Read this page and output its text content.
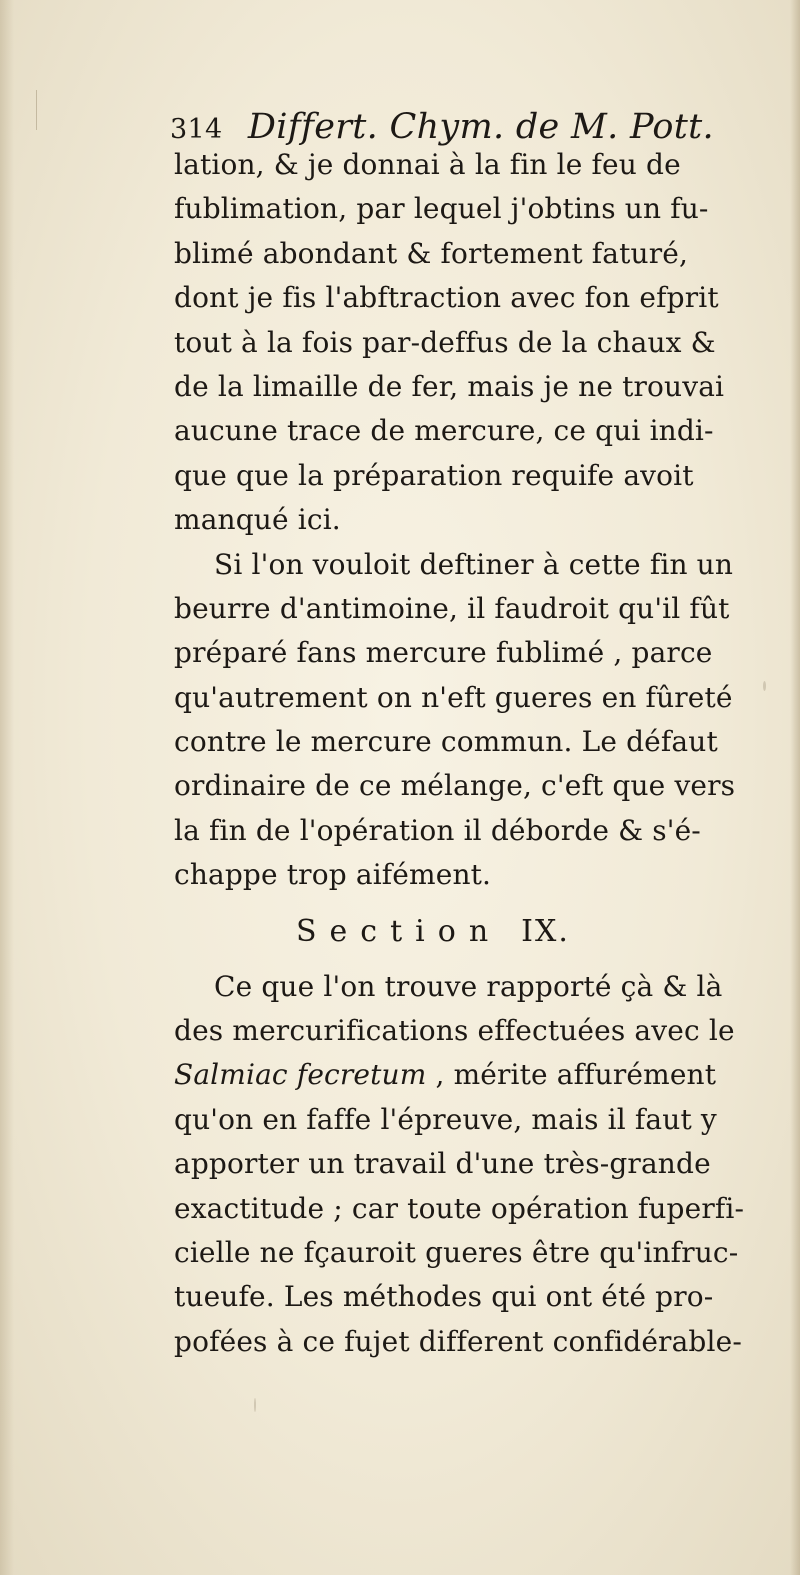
314 Differt. Chym. de M. Pott.
lation, & je donnai à la fin le feu de
fublimation, par lequel j'obtins un fu-
blimé abondant & fortement faturé,
dont je fis l'abftraction avec fon efprit
tout à la fois par-deffus de la chaux &
de la limaille de fer, mais je ne trouvai
aucune trace de mercure, ce qui indi-
que que la préparation requife avoit
manqué ici.
Si l'on vouloit deftiner à cette fin un
beurre d'antimoine, il faudroit qu'il fût
préparé fans mercure fublimé , parce
qu'autrement on n'eft gueres en fûreté
contre le mercure commun. Le défaut
ordinaire de ce mélange, c'eft que vers
la fin de l'opération il déborde & s'é-
chappe trop aifément.
Section IX.
Ce que l'on trouve rapporté çà & là
des mercurifications effectuées avec le
Salmiac fecretum , mérite affurément
qu'on en faffe l'épreuve, mais il faut y
apporter un travail d'une très-grande
exactitude ; car toute opération fuperfi-
cielle ne fçauroit gueres être qu'infruc-
tueufe. Les méthodes qui ont été pro-
pofées à ce fujet different confidérable-
